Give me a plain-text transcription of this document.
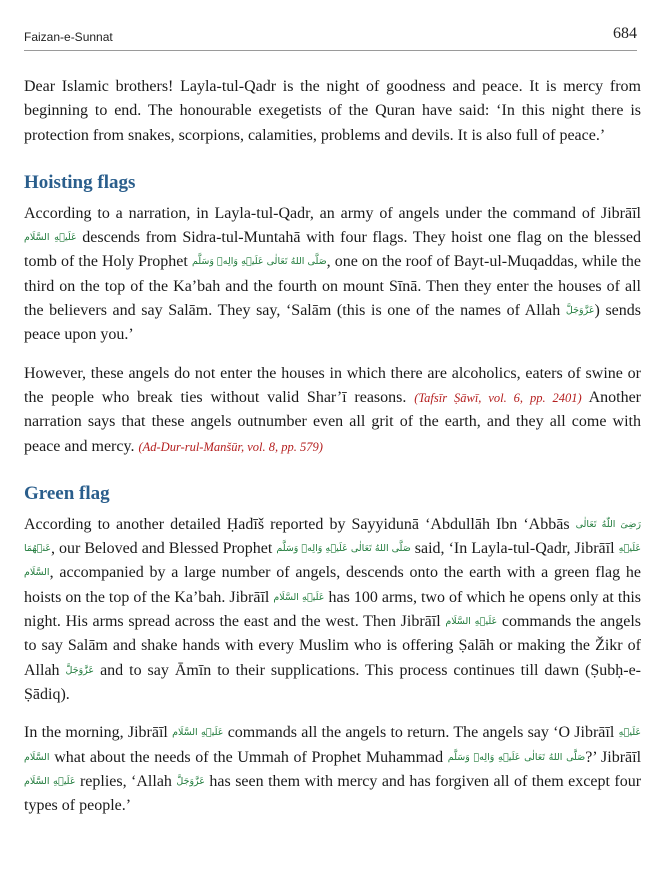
Faizan-e-Sunnat	684

Dear Islamic brothers! Layla-tul-Qadr is the night of goodness and peace. It is mercy from beginning to end. The honourable exegetists of the Quran have said: ‘In this night there is protection from snakes, scorpions, calamities, problems and devils. It is also full of peace.’

Hoisting flags

According to a narration, in Layla-tul-Qadr, an army of angels under the command of Jibrāīl عَلَيۡهِ السَّلَام descends from Sidra-tul-Muntahā with four flags. They hoist one flag on the blessed tomb of the Holy Prophet صَلَّى اللهُ تَعَالٰى عَلَيۡهِ وَالِهٖ وَسَلَّم, one on the roof of Bayt-ul-Muqaddas, while the third on the top of the Ka’bah and the fourth on mount Sīnā. Then they enter the houses of all the believers and say Salām. They say, ‘Salām (this is one of the names of Allah عَزَّوَجَلَّ) sends peace upon you.’

However, these angels do not enter the houses in which there are alcoholics, eaters of swine or the people who break ties without valid Shar’ī reasons. (Tafsīr Ṣāwī, vol. 6, pp. 2401) Another narration says that these angels outnumber even all grit of the earth, and they all come with peace and mercy. (Ad-Dur-rul-Manšūr, vol. 8, pp. 579)

Green flag

According to another detailed Ḥadīš reported by Sayyidunā ‘Abdullāh Ibn ‘Abbās رَضِىَ اللّٰهُ تَعَالٰى عَنۡهُمَا, our Beloved and Blessed Prophet صَلَّى اللهُ تَعَالٰى عَلَيۡهِ وَالِهٖ وَسَلَّم said, ‘In Layla-tul-Qadr, Jibrāīl عَلَيۡهِ السَّلَام, accompanied by a large number of angels, descends onto the earth with a green flag he hoists on the top of the Ka’bah. Jibrāīl عَلَيۡهِ السَّلَام has 100 arms, two of which he opens only at this night. His arms spread across the east and the west. Then Jibrāīl عَلَيۡهِ السَّلَام commands the angels to say Salām and shake hands with every Muslim who is offering Ṣalāh or making the Žikr of Allah عَزَّوَجَلَّ and to say Āmīn to their supplications. This process continues till dawn (Ṣubḥ-e-Ṣādiq).

In the morning, Jibrāīl عَلَيۡهِ السَّلَام commands all the angels to return. The angels say ‘O Jibrāīl عَلَيۡهِ السَّلَام what about the needs of the Ummah of Prophet Muhammad صَلَّى اللهُ تَعَالٰى عَلَيۡهِ وَالِهٖ وَسَلَّم?’ Jibrāīl عَلَيۡهِ السَّلَام replies, ‘Allah عَزَّوَجَلَّ has seen them with mercy and has forgiven all of them except four types of people.’
